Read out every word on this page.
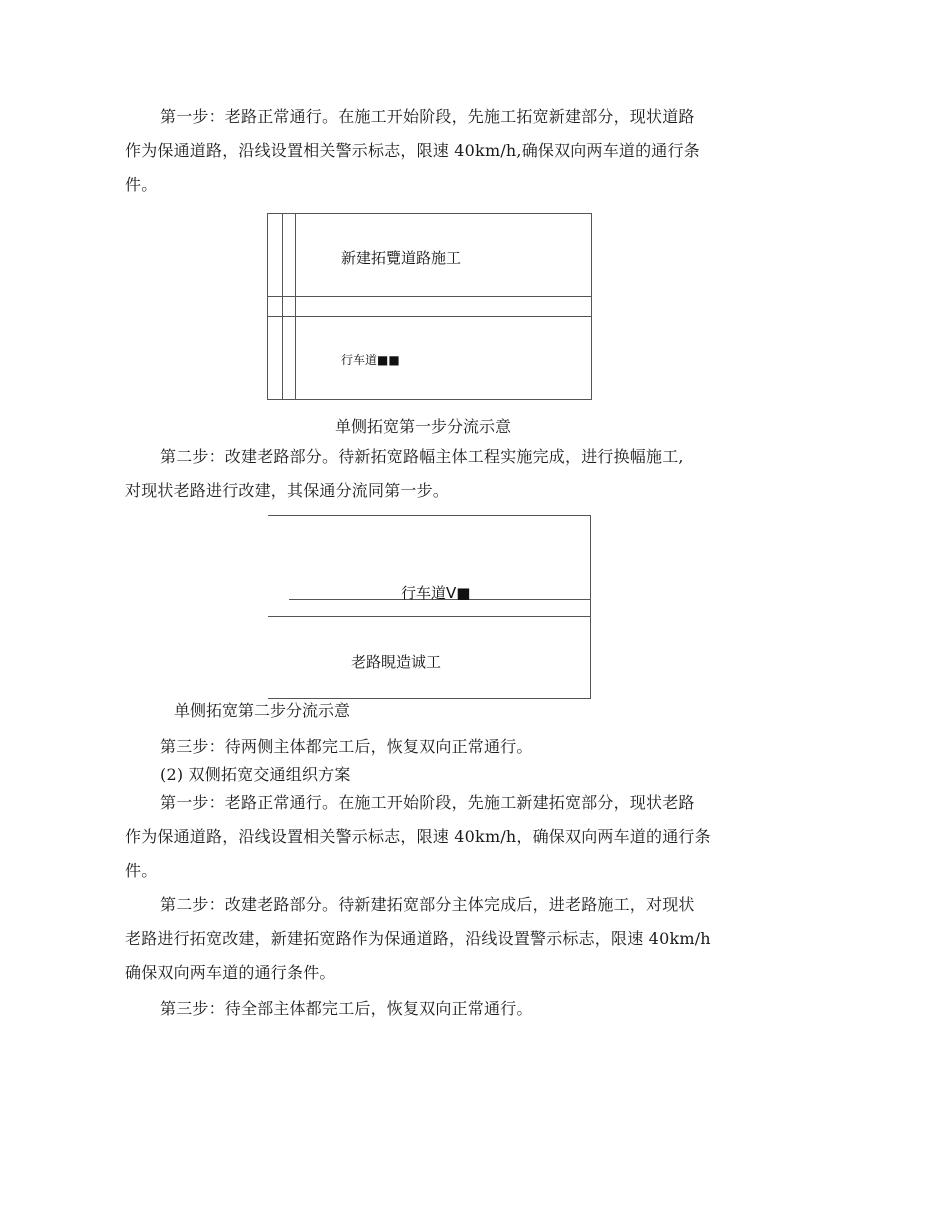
第一步：老路正常通行。在施工开始阶段，先施工拓宽新建部分，现状道路
作为保通道路，沿线设置相关警示标志，限速 40km/h,确保双向两车道的通行条
件。
新建拓覽道路施工
行车道■■
单侧拓宽第一步分流示意
第二步：改建老路部分。待新拓宽路幅主体工程实施完成，进行换幅施工,
对现状老路进行改建，其保通分流同第一步。
行车道V■
老路睍造诚工
单侧拓宽第二步分流示意
第三步：待两侧主体都完工后，恢复双向正常通行。
(2) 双侧拓宽交通组织方案
第一步：老路正常通行。在施工开始阶段，先施工新建拓宽部分，现状老路
作为保通道路，沿线设置相关警示标志，限速 40km/h，确保双向两车道的通行条
件。
第二步：改建老路部分。待新建拓宽部分主体完成后，进老路施工，对现状
老路进行拓宽改建，新建拓宽路作为保通道路，沿线设置警示标志，限速 40km/h
确保双向两车道的通行条件。
第三步：待全部主体都完工后，恢复双向正常通行。
